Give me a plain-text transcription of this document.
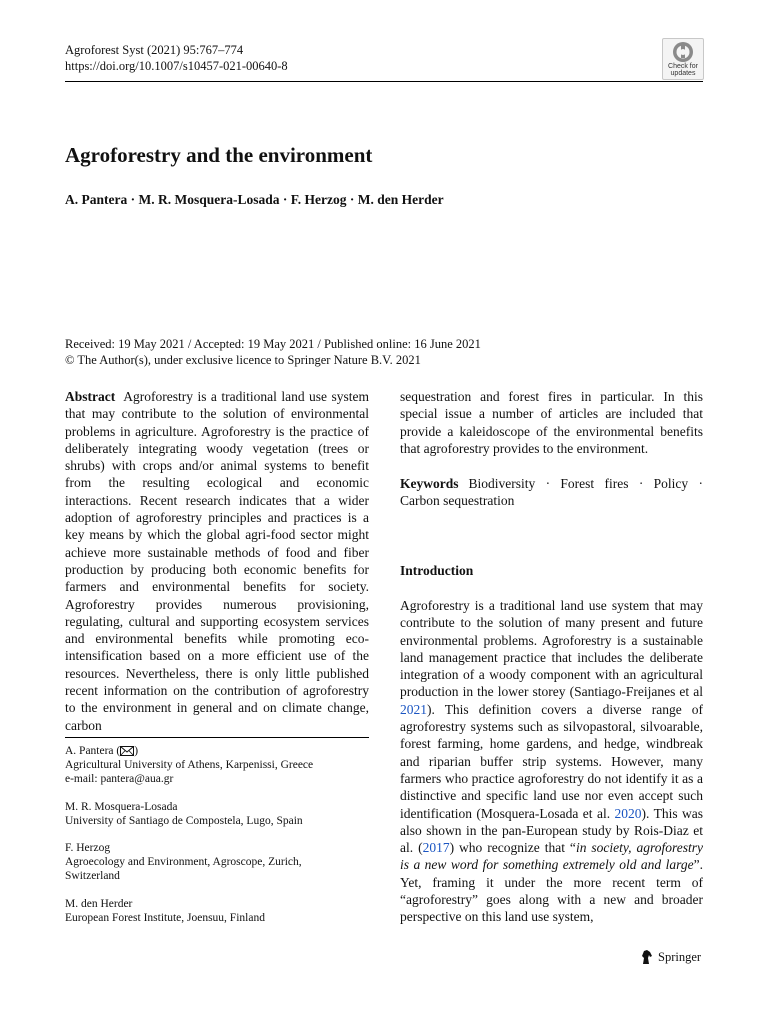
Agroforest Syst (2021) 95:767–774
https://doi.org/10.1007/s10457-021-00640-8	Check for
updates
Agroforestry and the environment
A. Pantera · M. R. Mosquera-Losada · F. Herzog · M. den Herder
Received: 19 May 2021 / Accepted: 19 May 2021 / Published online: 16 June 2021
© The Author(s), under exclusive licence to Springer Nature B.V. 2021
Abstract Agroforestry is a traditional land use system that may contribute to the solution of environmental problems in agriculture. Agroforestry is the practice of deliberately integrating woody vegetation (trees or shrubs) with crops and/or animal systems to benefit from the resulting ecological and economic interactions. Recent research indicates that a wider adoption of agroforestry principles and practices is a key means by which the global agri-food sector might achieve more sustainable methods of food and fiber production by producing both economic benefits for farmers and environmental benefits for society. Agroforestry provides numerous provisioning, regulating, cultural and supporting ecosystem services and environmental benefits while promoting eco-intensification based on a more efficient use of the resources. Nevertheless, there is only little published recent information on the contribution of agroforestry to the environment in general and on climate change, carbon
sequestration and forest fires in particular. In this special issue a number of articles are included that provide a kaleidoscope of the environmental benefits that agroforestry provides to the environment.
Keywords Biodiversity · Forest fires · Policy · Carbon sequestration
Introduction
Agroforestry is a traditional land use system that may contribute to the solution of many present and future environmental problems. Agroforestry is a sustainable land management practice that includes the deliberate integration of a woody component with an agricultural production in the lower storey (Santiago-Freijanes et al 2021). This definition covers a diverse range of agroforestry systems such as silvopastoral, silvoarable, forest farming, home gardens, and hedge, windbreak and riparian buffer strip systems. However, many farmers who practice agroforestry do not identify it as a distinctive and specific land use nor even accept such identification (Mosquera-Losada et al. 2020). This was also shown in the pan-European study by Rois-Diaz et al. (2017) who recognize that “in society, agroforestry is a new word for something extremely old and large”. Yet, framing it under the more recent term of “agroforestry” goes along with a new and broader perspective on this land use system,
A. Pantera ( )
Agricultural University of Athens, Karpenissi, Greece
e-mail: pantera@aua.gr
M. R. Mosquera-Losada
University of Santiago de Compostela, Lugo, Spain
F. Herzog
Agroecology and Environment, Agroscope, Zurich,
Switzerland
M. den Herder
European Forest Institute, Joensuu, Finland
Springer
